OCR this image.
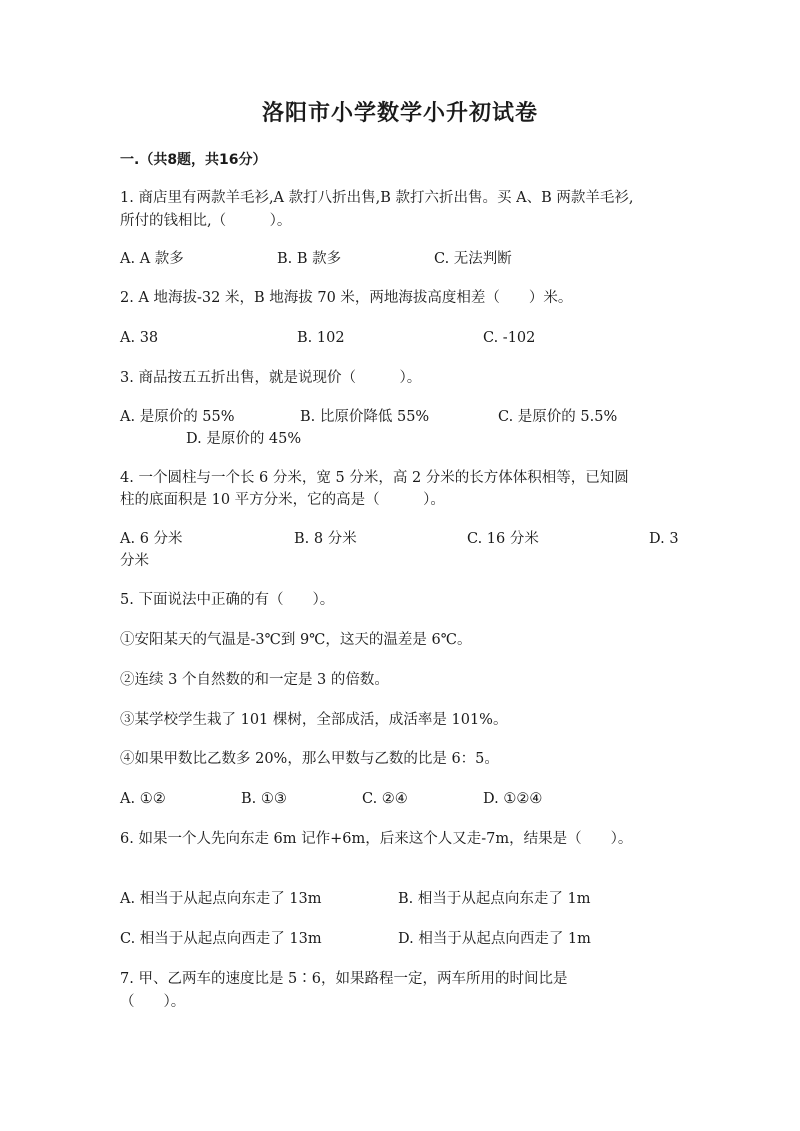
洛阳市小学数学小升初试卷
一.（共8题，共16分）
1. 商店里有两款羊毛衫,A 款打八折出售,B 款打六折出售。买 A、B 两款羊毛衫,
所付的钱相比,（　　　）。
A. A 款多	B. B 款多	C. 无法判断
2. A 地海拔-32 米，B 地海拔 70 米，两地海拔高度相差（　　）米。
A. 38	B. 102	C. -102
3. 商品按五五折出售，就是说现价（　　　）。
A. 是原价的 55%	B. 比原价降低 55%	C. 是原价的 5.5%
D. 是原价的 45%
4. 一个圆柱与一个长 6 分米，宽 5 分米，高 2 分米的长方体体积相等，已知圆
柱的底面积是 10 平方分米，它的高是（　　　）。
A. 6 分米	B. 8 分米	C. 16 分米	D. 3
分米
5. 下面说法中正确的有（　　）。
①安阳某天的气温是-3℃到 9℃，这天的温差是 6℃。
②连续 3 个自然数的和一定是 3 的倍数。
③某学校学生栽了 101 棵树，全部成活，成活率是 101%。
④如果甲数比乙数多 20%，那么甲数与乙数的比是 6：5。
A. ①②	B. ①③	C. ②④	D. ①②④
6. 如果一个人先向东走 6m 记作+6m，后来这个人又走-7m，结果是（　　）。
A. 相当于从起点向东走了 13m	B. 相当于从起点向东走了 1m
C. 相当于从起点向西走了 13m	D. 相当于从起点向西走了 1m
7. 甲、乙两车的速度比是 5∶6，如果路程一定，两车所用的时间比是
（　　）。
